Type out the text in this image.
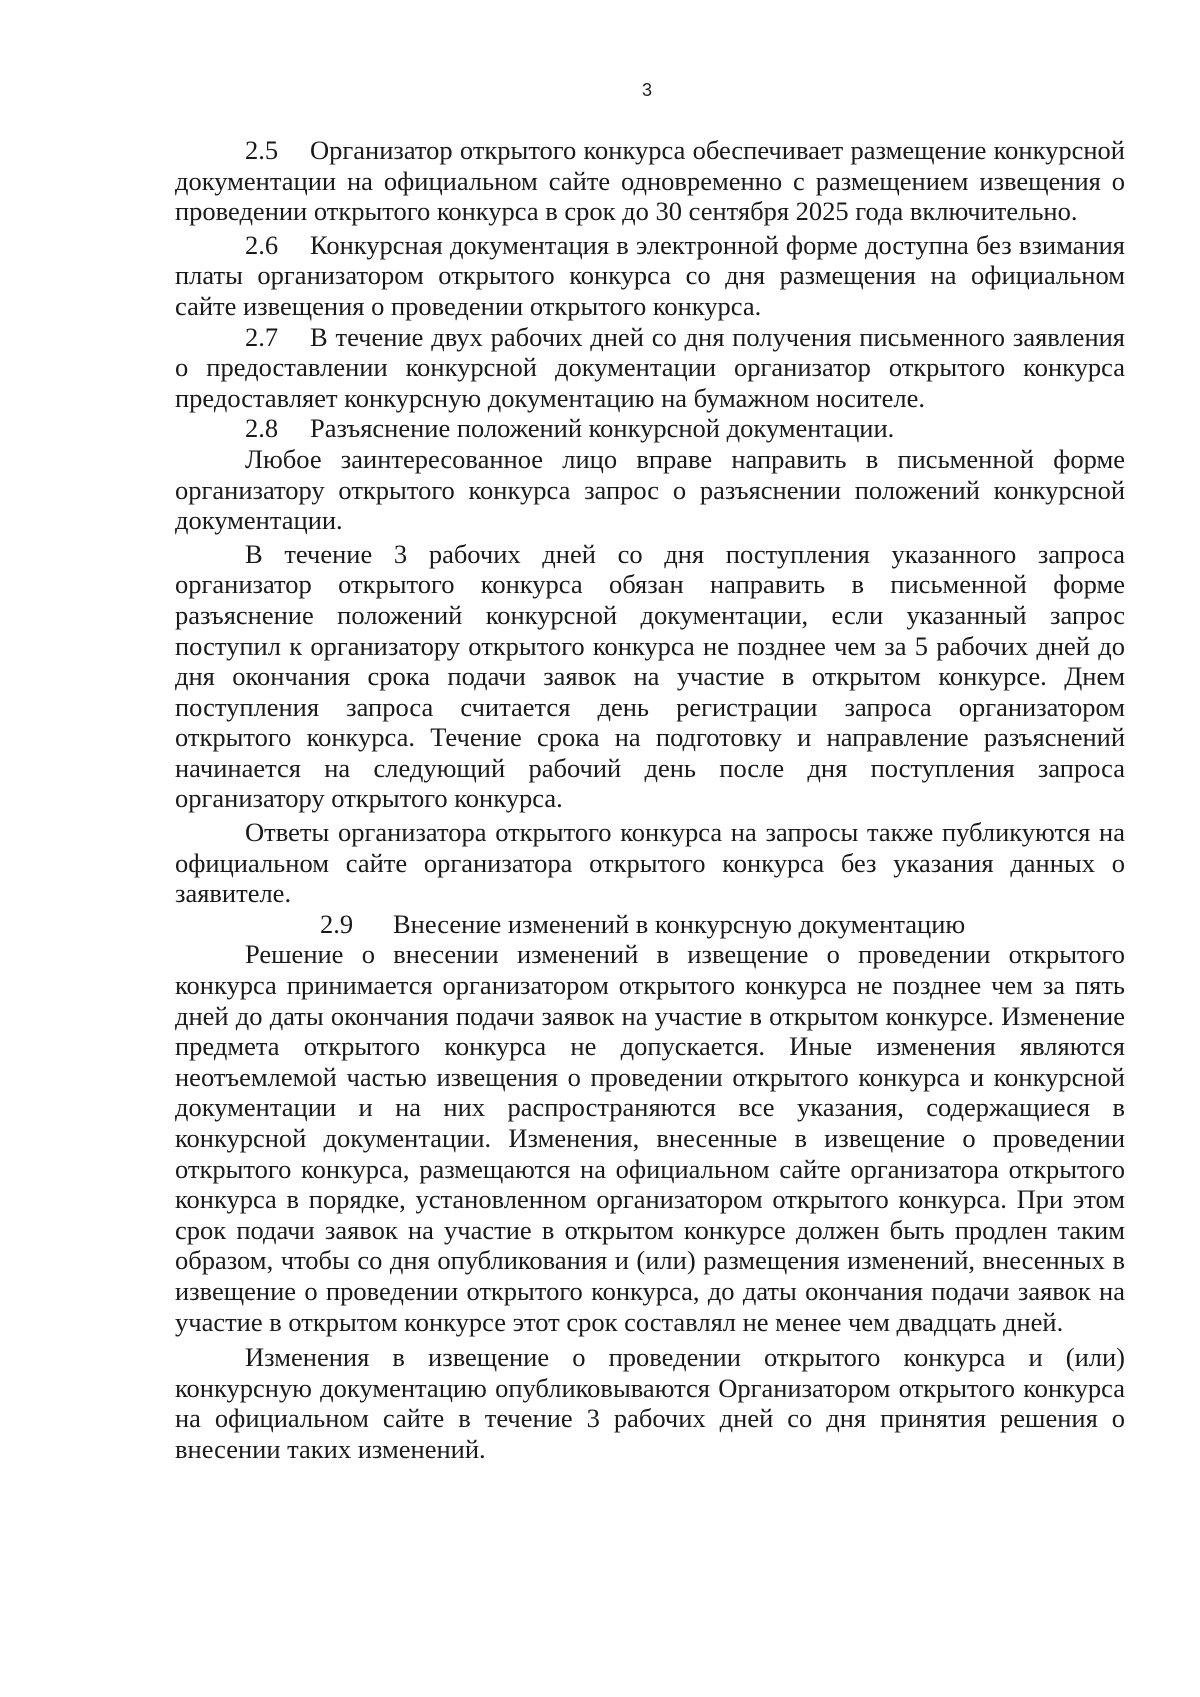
3

2.5 Организатор открытого конкурса обеспечивает размещение конкурсной документации на официальном сайте одновременно с размещением извещения о проведении открытого конкурса в срок до 30 сентября 2025 года включительно.

2.6 Конкурсная документация в электронной форме доступна без взимания платы организатором открытого конкурса со дня размещения на официальном сайте извещения о проведении открытого конкурса.

2.7 В течение двух рабочих дней со дня получения письменного заявления о предоставлении конкурсной документации организатор открытого конкурса предоставляет конкурсную документацию на бумажном носителе.

2.8 Разъяснение положений конкурсной документации.

Любое заинтересованное лицо вправе направить в письменной форме организатору открытого конкурса запрос о разъяснении положений конкурсной документации.

В течение 3 рабочих дней со дня поступления указанного запроса организатор открытого конкурса обязан направить в письменной форме разъяснение положений конкурсной документации, если указанный запрос поступил к организатору открытого конкурса не позднее чем за 5 рабочих дней до дня окончания срока подачи заявок на участие в открытом конкурсе. Днем поступления запроса считается день регистрации запроса организатором открытого конкурса. Течение срока на подготовку и направление разъяснений начинается на следующий рабочий день после дня поступления запроса организатору открытого конкурса.

Ответы организатора открытого конкурса на запросы также публикуются на официальном сайте организатора открытого конкурса без указания данных о заявителе.

2.9 Внесение изменений в конкурсную документацию

Решение о внесении изменений в извещение о проведении открытого конкурса принимается организатором открытого конкурса не позднее чем за пять дней до даты окончания подачи заявок на участие в открытом конкурсе. Изменение предмета открытого конкурса не допускается. Иные изменения являются неотъемлемой частью извещения о проведении открытого конкурса и конкурсной документации и на них распространяются все указания, содержащиеся в конкурсной документации. Изменения, внесенные в извещение о проведении открытого конкурса, размещаются на официальном сайте организатора открытого конкурса в порядке, установленном организатором открытого конкурса. При этом срок подачи заявок на участие в открытом конкурсе должен быть продлен таким образом, чтобы со дня опубликования и (или) размещения изменений, внесенных в извещение о проведении открытого конкурса, до даты окончания подачи заявок на участие в открытом конкурсе этот срок составлял не менее чем двадцать дней.

Изменения в извещение о проведении открытого конкурса и (или) конкурсную документацию опубликовываются Организатором открытого конкурса на официальном сайте в течение 3 рабочих дней со дня принятия решения о внесении таких изменений.
